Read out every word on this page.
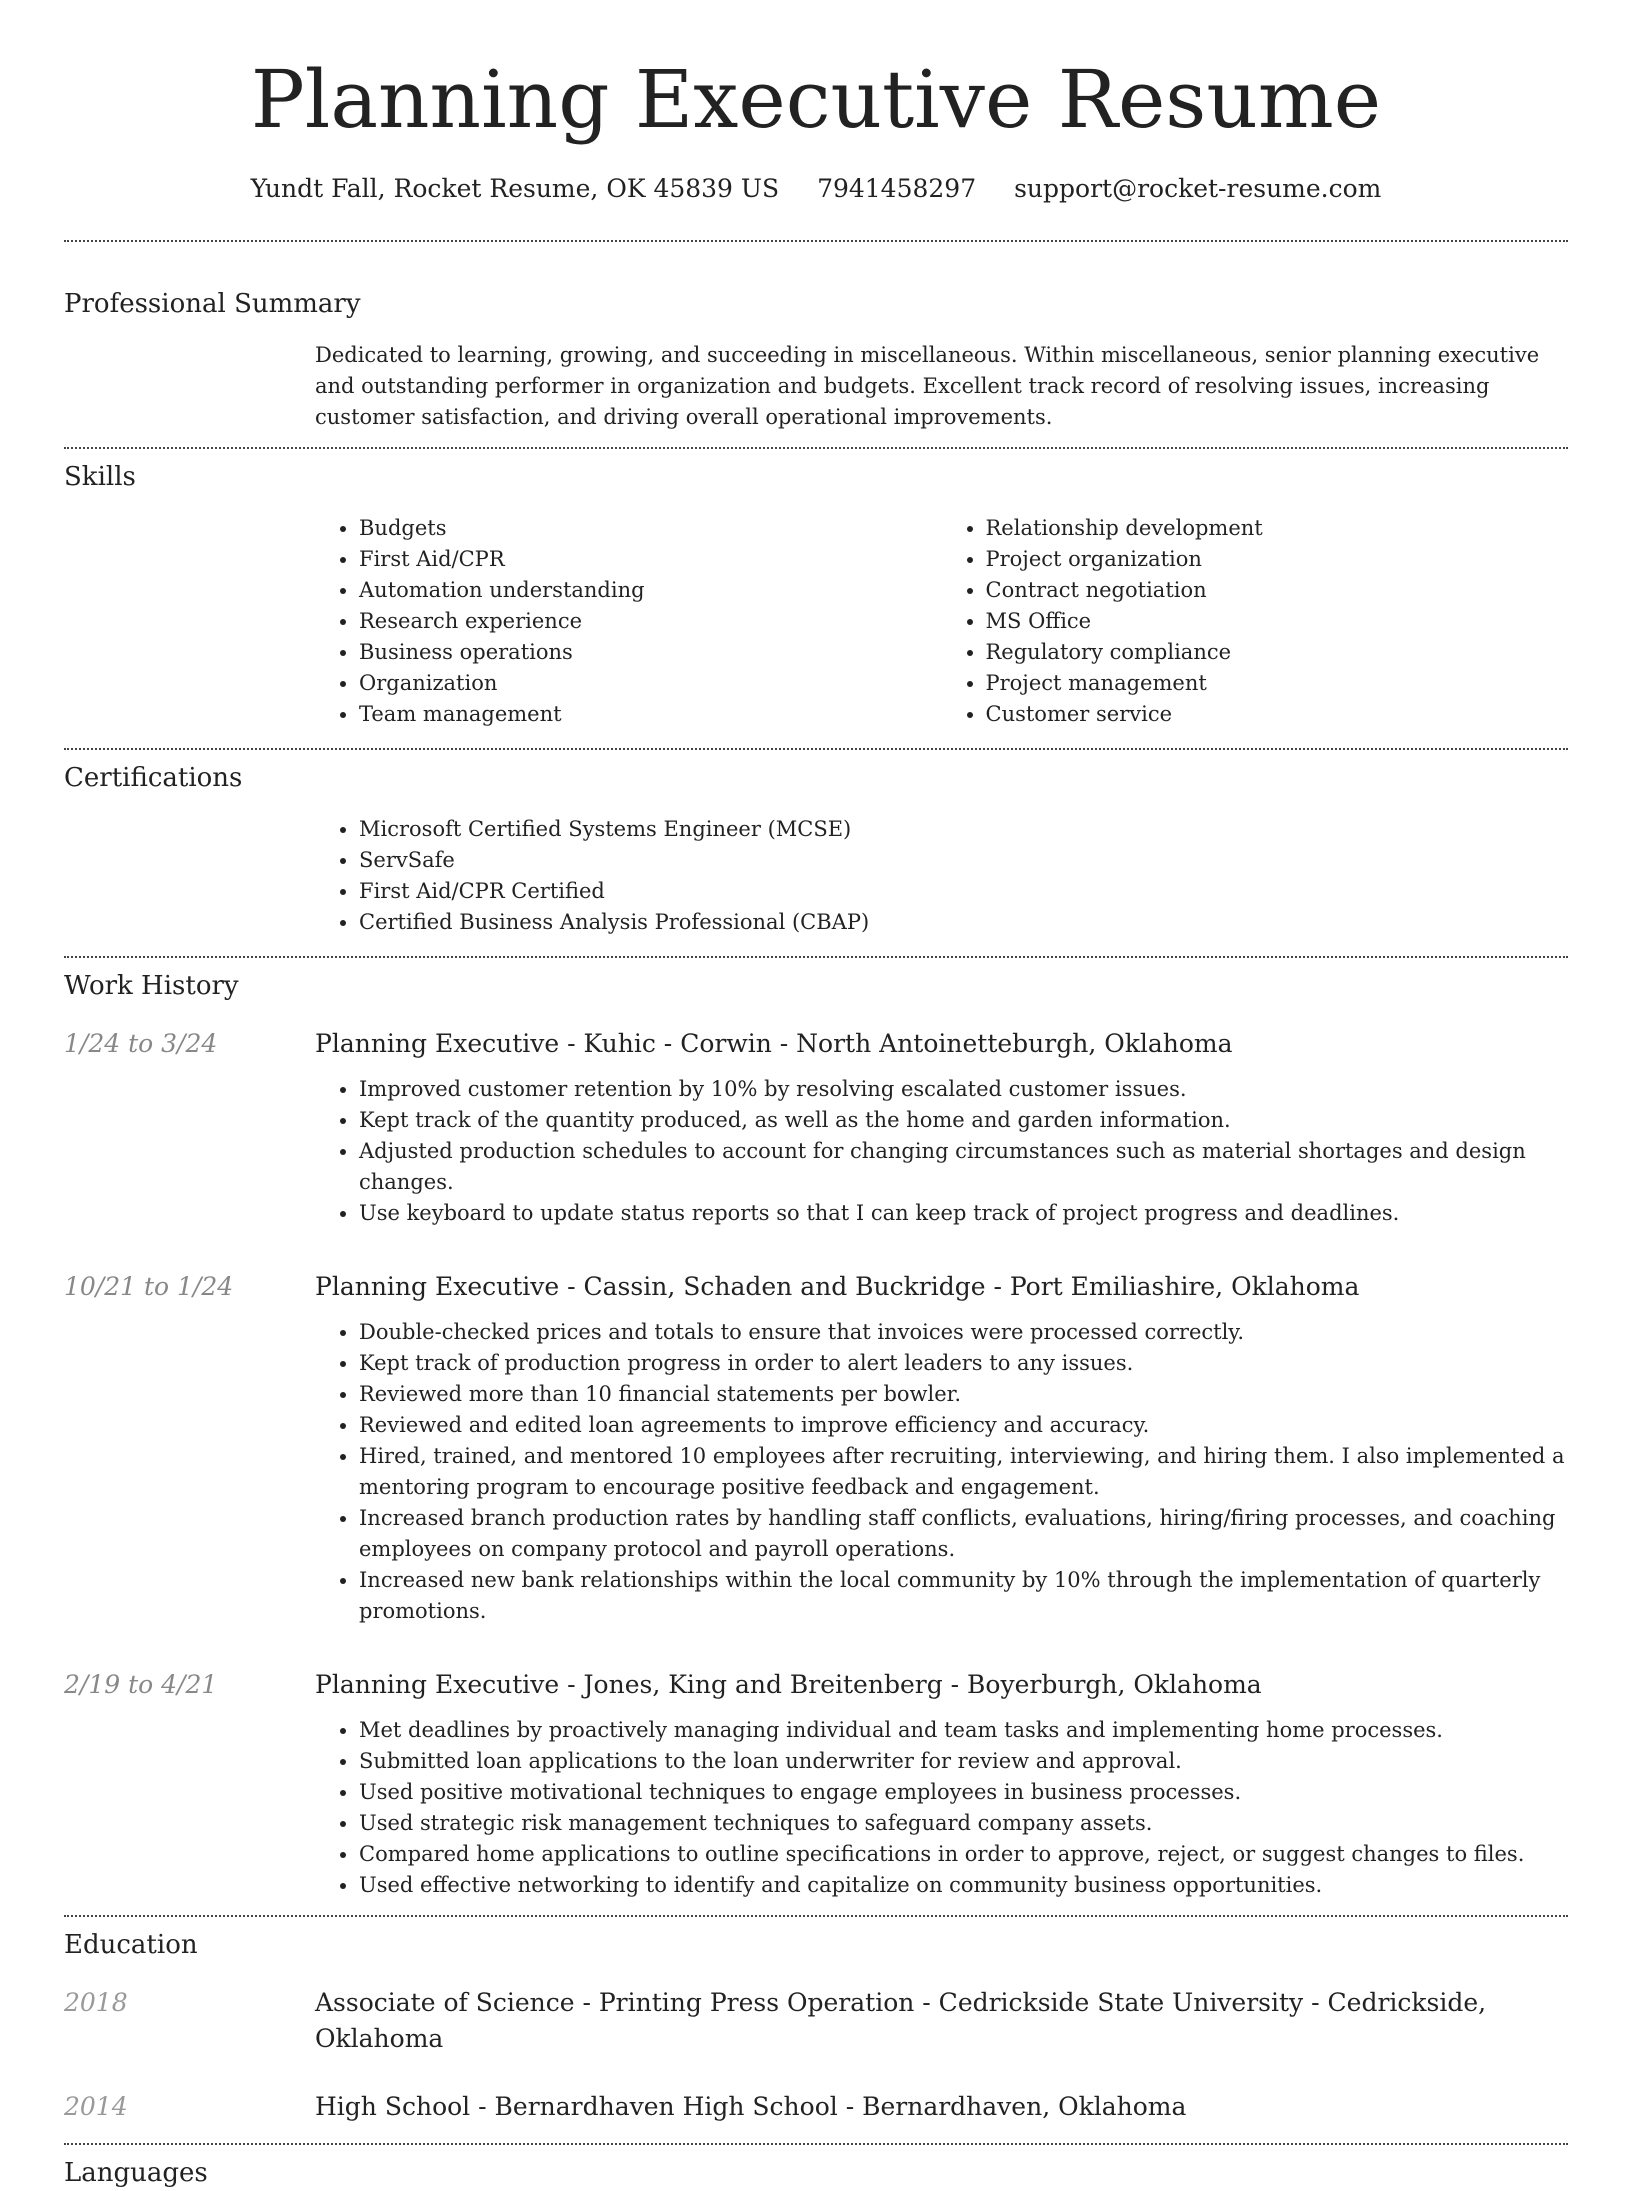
Planning Executive Resume
Yundt Fall, Rocket Resume, OK 45839 US 7941458297 support@rocket-resume.com
Professional Summary

Dedicated to learning, growing, and succeeding in miscellaneous. Within miscellaneous, senior planning executive and outstanding performer in organization and budgets. Excellent track record of resolving issues, increasing customer satisfaction, and driving overall operational improvements.

Skills
• Budgets
• First Aid/CPR
• Automation understanding
• Research experience
• Business operations
• Organization
• Team management
• Relationship development
• Project organization
• Contract negotiation
• MS Office
• Regulatory compliance
• Project management
• Customer service
Certifications
• Microsoft Certified Systems Engineer (MCSE)
• ServSafe
• First Aid/CPR Certified
• Certified Business Analysis Professional (CBAP)
Work History
1/24 to 3/24	Planning Executive - Kuhic - Corwin - North Antoinetteburgh, Oklahoma
• Improved customer retention by 10% by resolving escalated customer issues.
• Kept track of the quantity produced, as well as the home and garden information.
• Adjusted production schedules to account for changing circumstances such as material shortages and design changes.
• Use keyboard to update status reports so that I can keep track of project progress and deadlines.
10/21 to 1/24	Planning Executive - Cassin, Schaden and Buckridge - Port Emiliashire, Oklahoma
• Double-checked prices and totals to ensure that invoices were processed correctly.
• Kept track of production progress in order to alert leaders to any issues.
• Reviewed more than 10 financial statements per bowler.
• Reviewed and edited loan agreements to improve efficiency and accuracy.
• Hired, trained, and mentored 10 employees after recruiting, interviewing, and hiring them. I also implemented a mentoring program to encourage positive feedback and engagement.
• Increased branch production rates by handling staff conflicts, evaluations, hiring/firing processes, and coaching employees on company protocol and payroll operations.
• Increased new bank relationships within the local community by 10% through the implementation of quarterly promotions.
2/19 to 4/21	Planning Executive - Jones, King and Breitenberg - Boyerburgh, Oklahoma
• Met deadlines by proactively managing individual and team tasks and implementing home processes.
• Submitted loan applications to the loan underwriter for review and approval.
• Used positive motivational techniques to engage employees in business processes.
• Used strategic risk management techniques to safeguard company assets.
• Compared home applications to outline specifications in order to approve, reject, or suggest changes to files.
• Used effective networking to identify and capitalize on community business opportunities.
Education
2018	Associate of Science - Printing Press Operation - Cedrickside State University - Cedrickside, Oklahoma
2014	High School - Bernardhaven High School - Bernardhaven, Oklahoma
Languages
